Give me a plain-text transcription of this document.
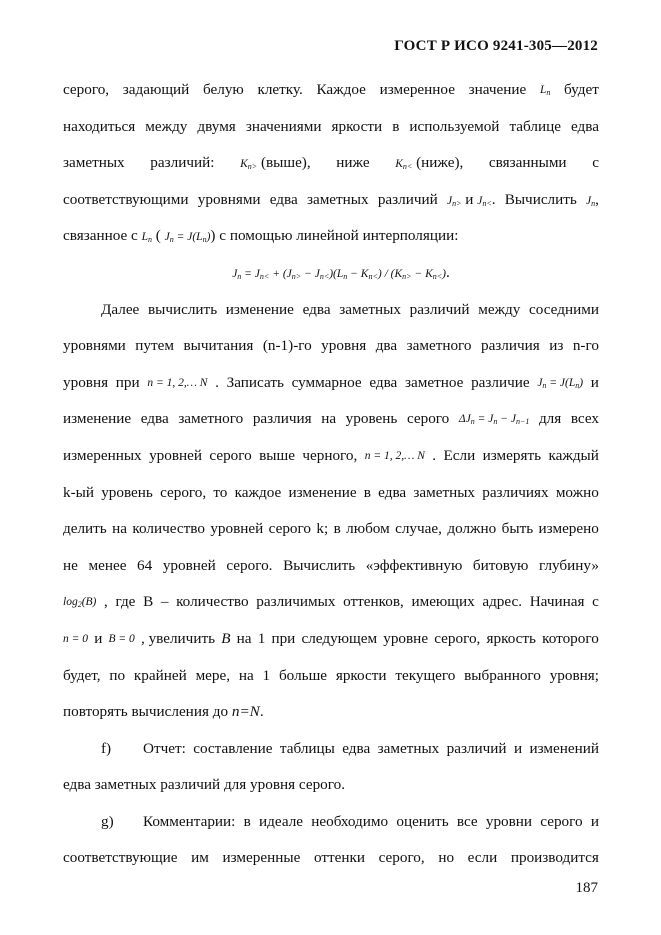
ГОСТ Р ИСО 9241-305—2012
серого, задающий белую клетку. Каждое измеренное значение Ln будет
находиться между двумя значениями яркости в используемой таблице едва
заметных различий: Kn> (выше), ниже Kn< (ниже), связанными с
соответствующими уровнями едва заметных различий Jn> и Jn<. Вычислить Jn,
связанное с Ln ( Jn = J(Ln)) с помощью линейной интерполяции:
Jn = Jn< + (Jn> − Jn<)(Ln − Kn<) / (Kn> − Kn<).
Далее вычислить изменение едва заметных различий между соседними
уровнями путем вычитания (n-1)-го уровня два заметного различия из n-го
уровня при n = 1, 2,… N . Записать суммарное едва заметное различие Jn = J(Ln) и
изменение едва заметного различия на уровень серого ΔJn = Jn − Jn−1 для всех
измеренных уровней серого выше черного, n = 1, 2,… N . Если измерять каждый
k-ый уровень серого, то каждое изменение в едва заметных различиях можно
делить на количество уровней серого k; в любом случае, должно быть измерено
не менее 64 уровней серого. Вычислить «эффективную битовую глубину»
log2(B) , где B – количество различимых оттенков, имеющих адрес. Начиная с
n = 0 и B = 0 , увеличить B на 1 при следующем уровне серого, яркость которого
будет, по крайней мере, на 1 больше яркости текущего выбранного уровня;
повторять вычисления до n=N.
f) Отчет: составление таблицы едва заметных различий и изменений
едва заметных различий для уровня серого.
g) Комментарии: в идеале необходимо оценить все уровни серого и
соответствующие им измеренные оттенки серого, но если производится
187
